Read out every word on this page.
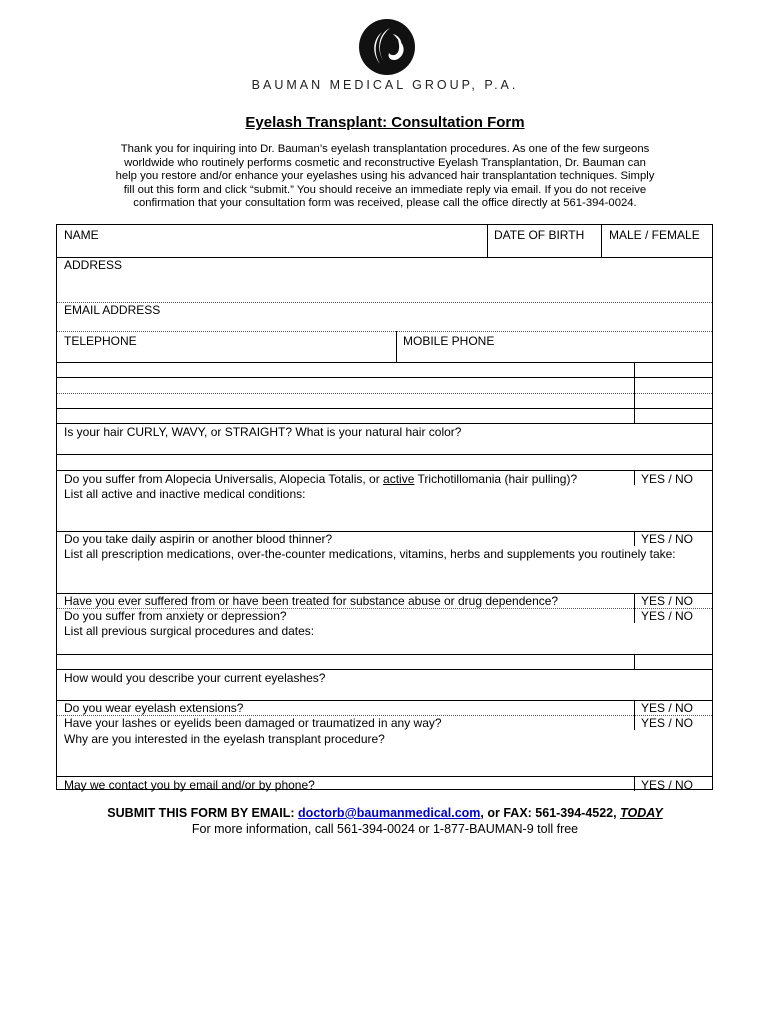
BAUMAN MEDICAL GROUP, P.A.
Eyelash Transplant: Consultation Form
Thank you for inquiring into Dr. Bauman’s eyelash transplantation procedures. As one of the few surgeons
worldwide who routinely performs cosmetic and reconstructive Eyelash Transplantation, Dr. Bauman can
help you restore and/or enhance your eyelashes using his advanced hair transplantation techniques. Simply
fill out this form and click “submit.” You should receive an immediate reply via email. If you do not receive
confirmation that your consultation form was received, please call the office directly at 561-394-0024.
NAME	DATE OF BIRTH MALE / FEMALE
ADDRESS
EMAIL ADDRESS
TELEPHONE	MOBILE PHONE
Is your hair CURLY, WAVY, or STRAIGHT? What is your natural hair color?
Do you suffer from Alopecia Universalis, Alopecia Totalis, or active Trichotillomania (hair pulling)?	YES / NO
List all active and inactive medical conditions:
Do you take daily aspirin or another blood thinner?	YES / NO
List all prescription medications, over-the-counter medications, vitamins, herbs and supplements you routinely take:
Have you ever suffered from or have been treated for substance abuse or drug dependence?	YES / NO
Do you suffer from anxiety or depression?	YES / NO
List all previous surgical procedures and dates:
How would you describe your current eyelashes?
Do you wear eyelash extensions?	YES / NO
Have your lashes or eyelids been damaged or traumatized in any way?	YES / NO
Why are you interested in the eyelash transplant procedure?
May we contact you by email and/or by phone?	YES / NO
SUBMIT THIS FORM BY EMAIL: doctorb@baumanmedical.com, or FAX: 561-394-4522, TODAY
For more information, call 561-394-0024 or 1-877-BAUMAN-9 toll free
